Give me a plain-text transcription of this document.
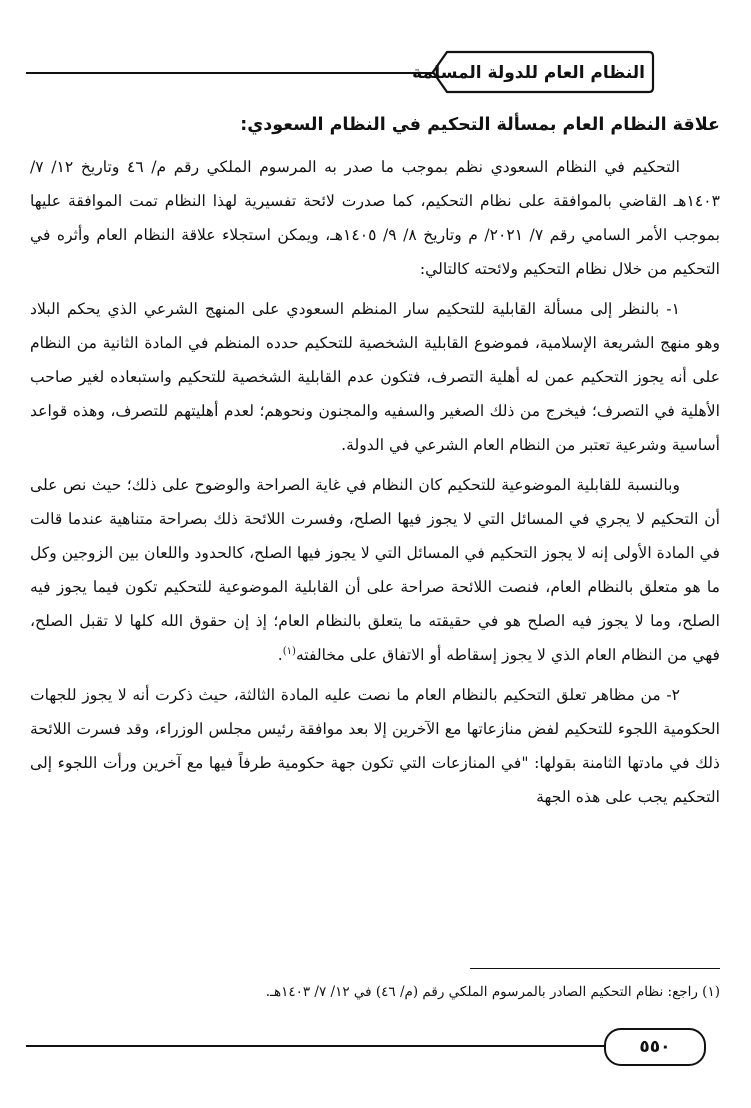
النظام العام للدولة المسلمة
علاقة النظام العام بمسألة التحكيم في النظام السعودي:

التحكيم في النظام السعودي نظم بموجب ما صدر به المرسوم الملكي رقم م/ ٤٦ وتاريخ ١٢/ ٧/ ١٤٠٣هـ القاضي بالموافقة على نظام التحكيم، كما صدرت لائحة تفسيرية لهذا النظام تمت الموافقة عليها بموجب الأمر السامي رقم ٧/ ٢٠٢١/ م وتاريخ ٨/ ٩/ ١٤٠٥هـ، ويمكن استجلاء علاقة النظام العام وأثره في التحكيم من خلال نظام التحكيم ولائحته كالتالي:

١- بالنظر إلى مسألة القابلية للتحكيم سار المنظم السعودي على المنهج الشرعي الذي يحكم البلاد وهو منهج الشريعة الإسلامية، فموضوع القابلية الشخصية للتحكيم حدده المنظم في المادة الثانية من النظام على أنه يجوز التحكيم عمن له أهلية التصرف، فتكون عدم القابلية الشخصية للتحكيم واستبعاده لغير صاحب الأهلية في التصرف؛ فيخرج من ذلك الصغير والسفيه والمجنون ونحوهم؛ لعدم أهليتهم للتصرف، وهذه قواعد أساسية وشرعية تعتبر من النظام العام الشرعي في الدولة.

وبالنسبة للقابلية الموضوعية للتحكيم كان النظام في غاية الصراحة والوضوح على ذلك؛ حيث نص على أن التحكيم لا يجري في المسائل التي لا يجوز فيها الصلح، وفسرت اللائحة ذلك بصراحة متناهية عندما قالت في المادة الأولى إنه لا يجوز التحكيم في المسائل التي لا يجوز فيها الصلح، كالحدود واللعان بين الزوجين وكل ما هو متعلق بالنظام العام، فنصت اللائحة صراحة على أن القابلية الموضوعية للتحكيم تكون فيما يجوز فيه الصلح، وما لا يجوز فيه الصلح هو في حقيقته ما يتعلق بالنظام العام؛ إذ إن حقوق الله كلها لا تقبل الصلح، فهي من النظام العام الذي لا يجوز إسقاطه أو الاتفاق على مخالفته$^{(١)}$.

٢- من مظاهر تعلق التحكيم بالنظام العام ما نصت عليه المادة الثالثة، حيث ذكرت أنه لا يجوز للجهات الحكومية اللجوء للتحكيم لفض منازعاتها مع الآخرين إلا بعد موافقة رئيس مجلس الوزراء، وقد فسرت اللائحة ذلك في مادتها الثامنة بقولها: "في المنازعات التي تكون جهة حكومية طرفاً فيها مع آخرين ورأت اللجوء إلى التحكيم يجب على هذه الجهة

(١) راجع: نظام التحكيم الصادر بالمرسوم الملكي رقم (م/ ٤٦) في ١٢/ ٧/ ١٤٠٣هـ.
٥٥٠
